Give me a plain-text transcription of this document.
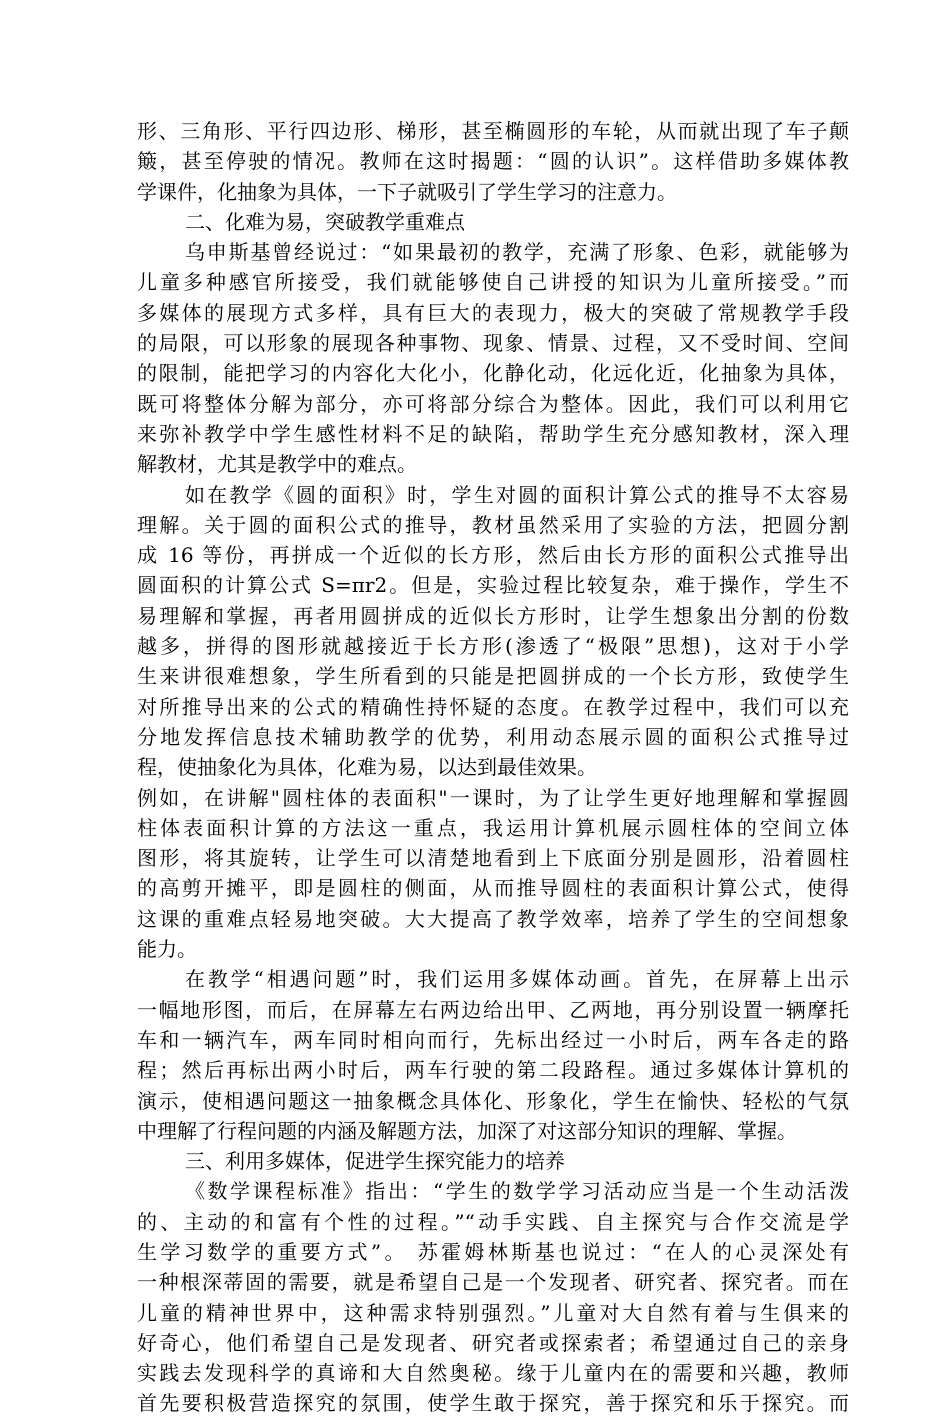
形、三角形、平行四边形、梯形，甚至椭圆形的车轮，从而就出现了车子颠
簸，甚至停驶的情况。教师在这时揭题：“圆的认识”。这样借助多媒体教
学课件，化抽象为具体，一下子就吸引了学生学习的注意力。
二、化难为易，突破教学重难点
乌申斯基曾经说过：“如果最初的教学，充满了形象、色彩，就能够为
儿童多种感官所接受，我们就能够使自己讲授的知识为儿童所接受。”而
多媒体的展现方式多样，具有巨大的表现力，极大的突破了常规教学手段
的局限，可以形象的展现各种事物、现象、情景、过程，又不受时间、空间
的限制，能把学习的内容化大化小，化静化动，化远化近，化抽象为具体，
既可将整体分解为部分，亦可将部分综合为整体。因此，我们可以利用它
来弥补教学中学生感性材料不足的缺陷，帮助学生充分感知教材，深入理
解教材，尤其是教学中的难点。
如在教学《圆的面积》时，学生对圆的面积计算公式的推导不太容易
理解。关于圆的面积公式的推导，教材虽然采用了实验的方法，把圆分割
成 16 等份，再拼成一个近似的长方形，然后由长方形的面积公式推导出
圆面积的计算公式 S=πr2。但是，实验过程比较复杂，难于操作，学生不
易理解和掌握，再者用圆拼成的近似长方形时，让学生想象出分割的份数
越多，拼得的图形就越接近于长方形(渗透了“极限”思想)，这对于小学
生来讲很难想象，学生所看到的只能是把圆拼成的一个长方形，致使学生
对所推导出来的公式的精确性持怀疑的态度。在教学过程中，我们可以充
分地发挥信息技术辅助教学的优势，利用动态展示圆的面积公式推导过
程，使抽象化为具体，化难为易，以达到最佳效果。
例如，在讲解"圆柱体的表面积"一课时，为了让学生更好地理解和掌握圆
柱体表面积计算的方法这一重点，我运用计算机展示圆柱体的空间立体
图形，将其旋转，让学生可以清楚地看到上下底面分别是圆形，沿着圆柱
的高剪开摊平，即是圆柱的侧面，从而推导圆柱的表面积计算公式，使得
这课的重难点轻易地突破。大大提高了教学效率，培养了学生的空间想象
能力。
在教学“相遇问题”时，我们运用多媒体动画。首先，在屏幕上出示
一幅地形图，而后，在屏幕左右两边给出甲、乙两地，再分别设置一辆摩托
车和一辆汽车，两车同时相向而行，先标出经过一小时后，两车各走的路
程；然后再标出两小时后，两车行驶的第二段路程。通过多媒体计算机的
演示，使相遇问题这一抽象概念具体化、形象化，学生在愉快、轻松的气氛
中理解了行程问题的内涵及解题方法，加深了对这部分知识的理解、掌握。
三、利用多媒体，促进学生探究能力的培养
《数学课程标准》指出：“学生的数学学习活动应当是一个生动活泼
的、主动的和富有个性的过程。”“动手实践、自主探究与合作交流是学
生学习数学的重要方式”。 苏霍姆林斯基也说过：“在人的心灵深处有
一种根深蒂固的需要，就是希望自己是一个发现者、研究者、探究者。而在
儿童的精神世界中，这种需求特别强烈。”儿童对大自然有着与生俱来的
好奇心，他们希望自己是发现者、研究者或探索者；希望通过自己的亲身
实践去发现科学的真谛和大自然奥秘。缘于儿童内在的需要和兴趣，教师
首先要积极营造探究的氛围，使学生敢于探究，善于探究和乐于探究。而
